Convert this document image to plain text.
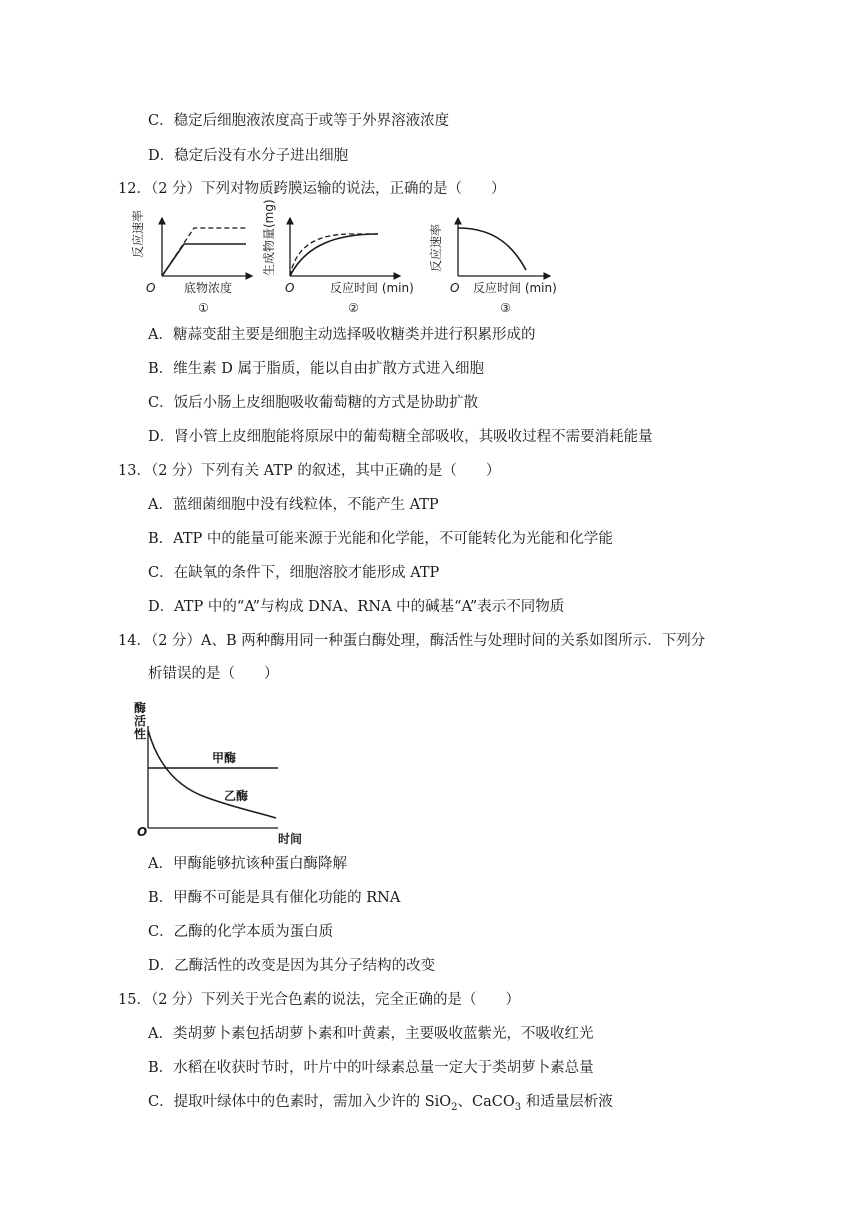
C．稳定后细胞液浓度高于或等于外界溶液浓度
D．稳定后没有水分子进出细胞
12．（2 分）下列对物质跨膜运输的说法，正确的是（　　）
反应速率
O 底物浓度
①
生成物量(mg)
O	反应时间 (min)
②
反应速率
O 反应时间 (min)
③
A．糖蒜变甜主要是细胞主动选择吸收糖类并进行积累形成的
B．维生素 D 属于脂质，能以自由扩散方式进入细胞
C．饭后小肠上皮细胞吸收葡萄糖的方式是协助扩散
D．肾小管上皮细胞能将原尿中的葡萄糖全部吸收，其吸收过程不需要消耗能量
13．（2 分）下列有关 ATP 的叙述，其中正确的是（　　）
A．蓝细菌细胞中没有线粒体，不能产生 ATP
B．ATP 中的能量可能来源于光能和化学能，不可能转化为光能和化学能
C．在缺氧的条件下，细胞溶胶才能形成 ATP
D．ATP 中的“A”与构成 DNA、RNA 中的碱基“A”表示不同物质
14．（2 分）A、B 两种酶用同一种蛋白酶处理，酶活性与处理时间的关系如图所示．下列分
析错误的是（　　）
酶
活
性
甲酶
乙酶
O	时间
A．甲酶能够抗该种蛋白酶降解
B．甲酶不可能是具有催化功能的 RNA
C．乙酶的化学本质为蛋白质
D．乙酶活性的改变是因为其分子结构的改变
15．（2 分）下列关于光合色素的说法，完全正确的是（　　）
A．类胡萝卜素包括胡萝卜素和叶黄素，主要吸收蓝紫光，不吸收红光
B．水稻在收获时节时，叶片中的叶绿素总量一定大于类胡萝卜素总量
C．提取叶绿体中的色素时，需加入少许的 SiO$_2$、CaCO$_3$ 和适量层析液
